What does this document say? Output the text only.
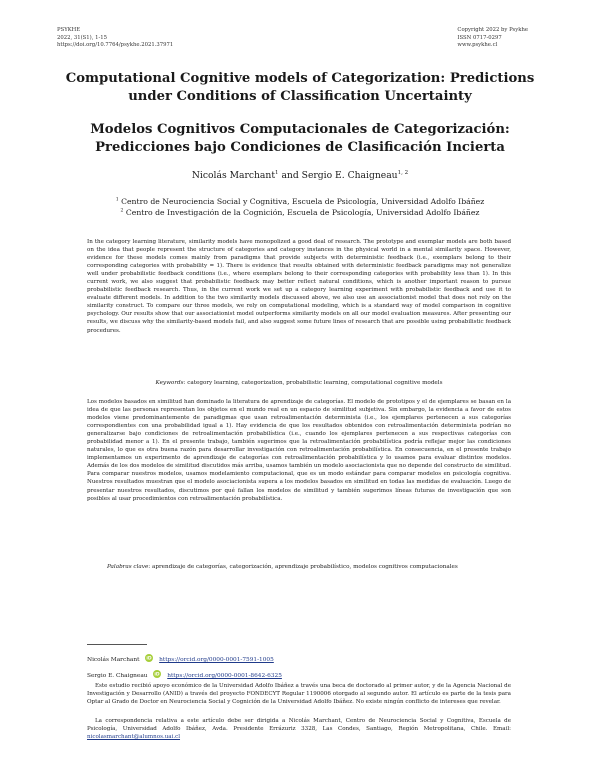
PSYKHE
2022, 31(S1), 1-15
https://doi.org/10.7764/psykhe.2021.37971
Copyright 2022 by Psykhe
ISSN 0717-0297
www.psykhe.cl
Computational Cognitive models of Categorization: Predictions
under Conditions of Classification Uncertainty
Modelos Cognitivos Computacionales de Categorización:
Predicciones bajo Condiciones de Clasificación Incierta
Nicolás Marchant$^1$ and Sergio E. Chaigneau$^{1, 2}$
$^1$ Centro de Neurociencia Social y Cognitiva, Escuela de Psicología, Universidad Adolfo Ibáñez
$^2$ Centro de Investigación de la Cognición, Escuela de Psicología, Universidad Adolfo Ibáñez
In the category learning literature, similarity models have monopolized a good deal of research. The prototype and exemplar models are both based on the idea that people represent the structure of categories and category instances in the physical world in a mental similarity space. However, evidence for these models comes mainly from paradigms that provide subjects with deterministic feedback (i.e., exemplars belong to their corresponding categories with probability = 1). There is evidence that results obtained with deterministic feedback paradigms may not generalize well under probabilistic feedback conditions (i.e., where exemplars belong to their corresponding categories with probability less than 1). In this current work, we also suggest that probabilistic feedback may better reflect natural conditions, which is another important reason to pursue probabilistic feedback research. Thus, in the current work we set up a category learning experiment with probabilistic feedback and use it to evaluate different models. In addition to the two similarity models discussed above, we also use an associationist model that does not rely on the similarity construct. To compare our three models, we rely on computational modeling, which is a standard way of model comparison in cognitive psychology. Our results show that our associationist model outperforms similarity models on all our model evaluation measures. After presenting our results, we discuss why the similarity-based models fail, and also suggest some future lines of research that are possible using probabilistic feedback procedures.
Keywords: category learning, categorization, probabilistic learning, computational cognitive models
Los modelos basados en similitud han dominado la literatura de aprendizaje de categorías. El modelo de prototipos y el de ejemplares se basan en la idea de que las personas representan los objetos en el mundo real en un espacio de similitud subjetiva. Sin embargo, la evidencia a favor de estos modelos viene predominantemente de paradigmas que usan retroalimentación determinista (i.e., los ejemplares pertenecen a sus categorías correspondientes con una probabilidad igual a 1). Hay evidencia de que los resultados obtenidos con retroalimentación determinista podrían no generalizarse bajo condiciones de retroalimentación probabilística (i.e., cuando los ejemplares pertenecen a sus respectivas categorías con probabilidad menor a 1). En el presente trabajo, también sugerimos que la retroalimentación probabilística podría reflejar mejor las condiciones naturales, lo que es otra buena razón para desarrollar investigación con retroalimentación probabilística. En consecuencia, en el presente trabajo implementamos un experimento de aprendizaje de categorías con retroalimentación probabilística y lo usamos para evaluar distintos modelos. Además de los dos modelos de similitud discutidos más arriba, usamos también un modelo asociacionista que no depende del constructo de similitud. Para comparar nuestros modelos, usamos modelamiento computacional, que es un modo estándar para comparar modelos en psicología cognitiva. Nuestros resultados muestran que el modelo asociacionista supera a los modelos basados en similitud en todas las medidas de evaluación. Luego de presentar nuestros resultados, discutimos por qué fallan los modelos de similitud y también sugerimos líneas futuras de investigación que son posibles al usar procedimientos con retroalimentación probabilística.
Palabras clave: aprendizaje de categorías, categorización, aprendizaje probabilístico, modelos cognitivos computacionales
Nicolás Marchant iD https://orcid.org/0000-0001-7591-1005
Sergio E. Chaigneau iD https://orcid.org/0000-0001-8642-6325
Este estudio recibió apoyo económico de la Universidad Adolfo Ibáñez a través una beca de doctorado al primer autor, y de la Agencia Nacional de Investigación y Desarrollo (ANID) a través del proyecto FONDECYT Regular 1190006 otorgado al segundo autor. El artículo es parte de la tesis para Optar al Grado de Doctor en Neurociencia Social y Cognición de la Universidad Adolfo Ibáñez. No existe ningún conflicto de intereses que revelar.
La correspondencia relativa a este artículo debe ser dirigida a Nicolás Marchant, Centro de Neurociencia Social y Cognitiva, Escuela de Psicología, Universidad Adolfo Ibáñez, Avda. Presidente Errázuriz 3328, Las Condes, Santiago, Región Metropolitana, Chile. Email: nicolasmarchant@alumnos.uai.cl
